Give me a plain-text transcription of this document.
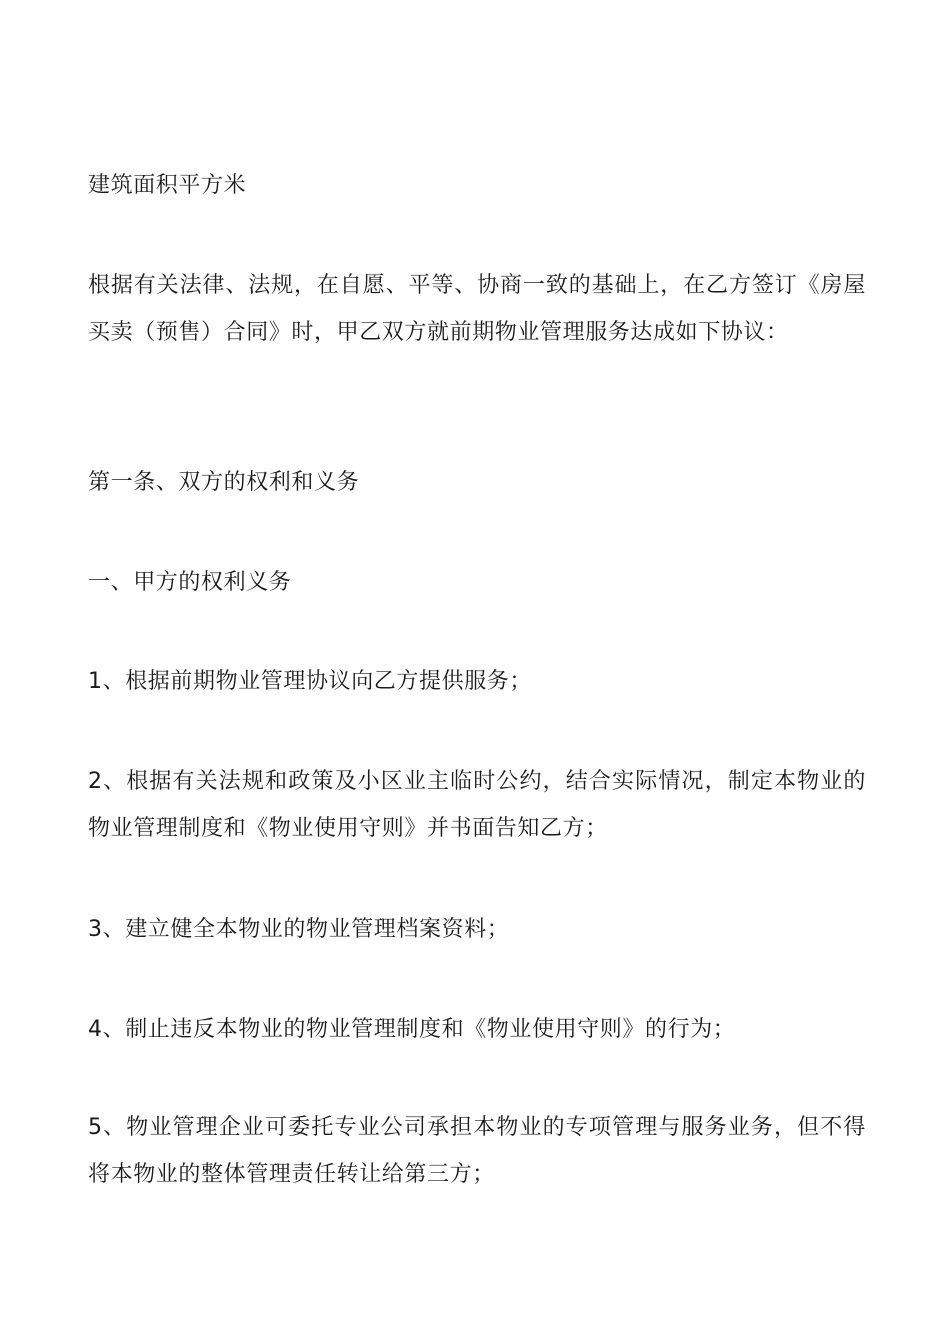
建筑面积平方米

根据有关法律、法规，在自愿、平等、协商一致的基础上，在乙方签订《房屋买卖（预售）合同》时，甲乙双方就前期物业管理服务达成如下协议：

第一条、双方的权利和义务

一、甲方的权利义务

1、根据前期物业管理协议向乙方提供服务；

2、根据有关法规和政策及小区业主临时公约，结合实际情况，制定本物业的物业管理制度和《物业使用守则》并书面告知乙方；

3、建立健全本物业的物业管理档案资料；

4、制止违反本物业的物业管理制度和《物业使用守则》的行为；

5、物业管理企业可委托专业公司承担本物业的专项管理与服务业务，但不得将本物业的整体管理责任转让给第三方；
